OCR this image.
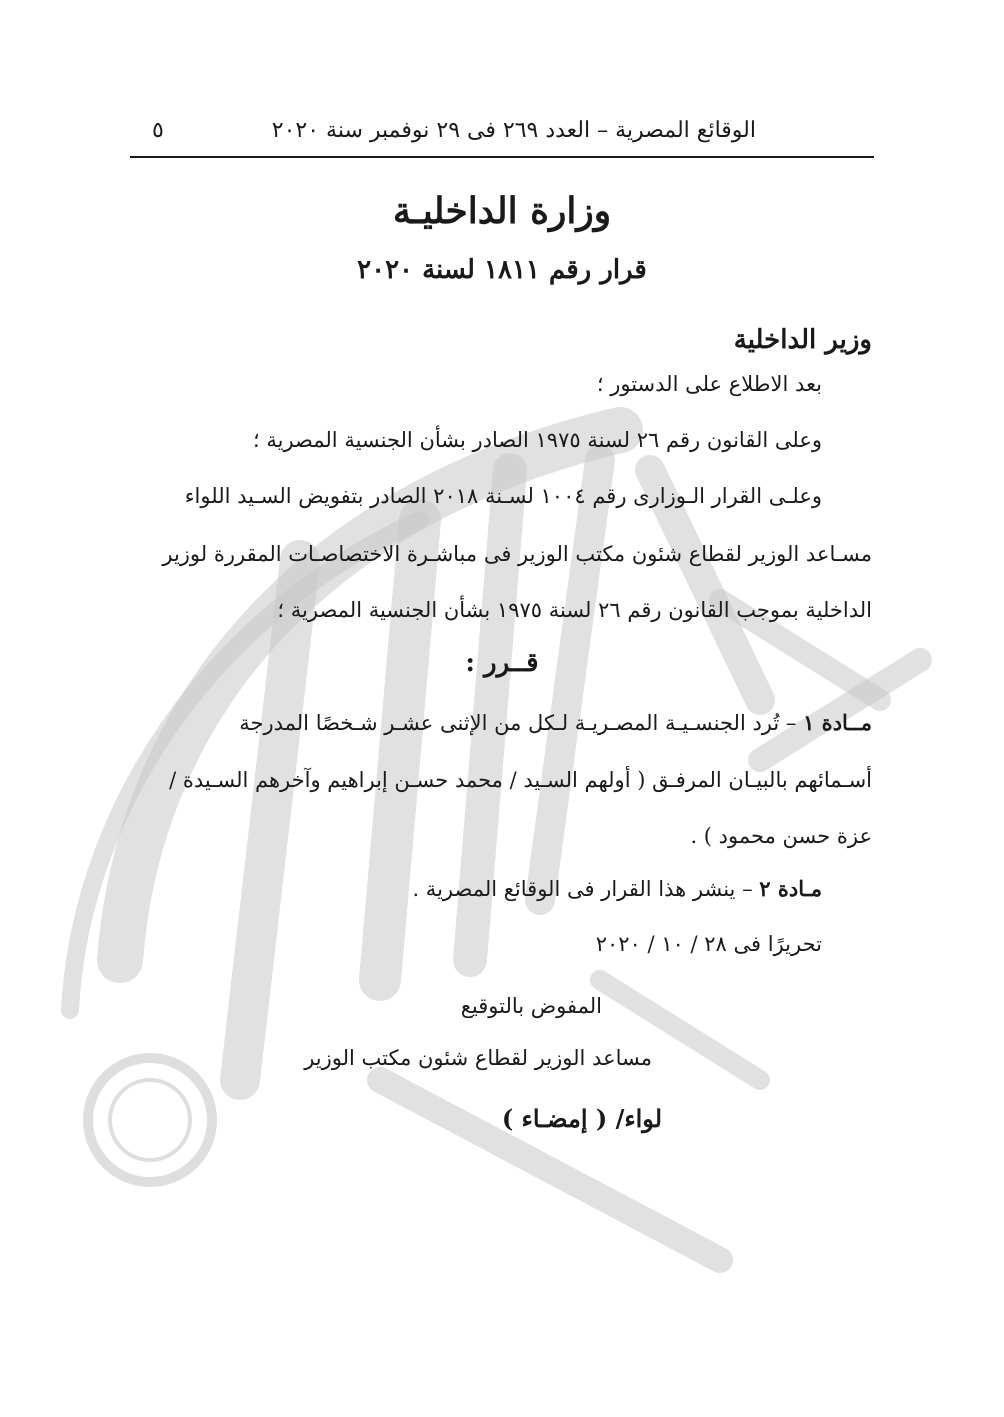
٥	الوقائع المصرية – العدد ٢٦٩ فى ٢٩ نوفمبر سنة ٢٠٢٠
وزارة الداخليـة
قرار رقم ١٨١١ لسنة ٢٠٢٠
وزير الداخلية
بعد الاطلاع على الدستور ؛
وعلى القانون رقم ٢٦ لسنة ١٩٧٥ الصادر بشأن الجنسية المصرية ؛
وعلـى القرار الـوزارى رقم ١٠٠٤ لسـنة ٢٠١٨ الصادر بتفويض السـيد اللواء
مسـاعد الوزير لقطاع شئون مكتب الوزير فى مباشـرة الاختصاصـات المقررة لوزير
الداخلية بموجب القانون رقم ٢٦ لسنة ١٩٧٥ بشأن الجنسية المصرية ؛
قــرر :
مــادة ١ – تُرد الجنسـيـة المصـريـة لـكل من الإثنى عشـر شـخصًا المدرجة
أسـمائهم بالبيـان المرفـق ( أولهم السـيد / محمد حسـن إبراهيم وآخرهم السـيدة /
عزة حسن محمود ) .
مـادة ٢ – ينشر هذا القرار فى الوقائع المصرية .
تحريرًا فى ٢٨ / ١٠ / ٢٠٢٠
المفوض بالتوقيع
مساعد الوزير لقطاع شئون مكتب الوزير
لواء/ ( إمضـاء )
